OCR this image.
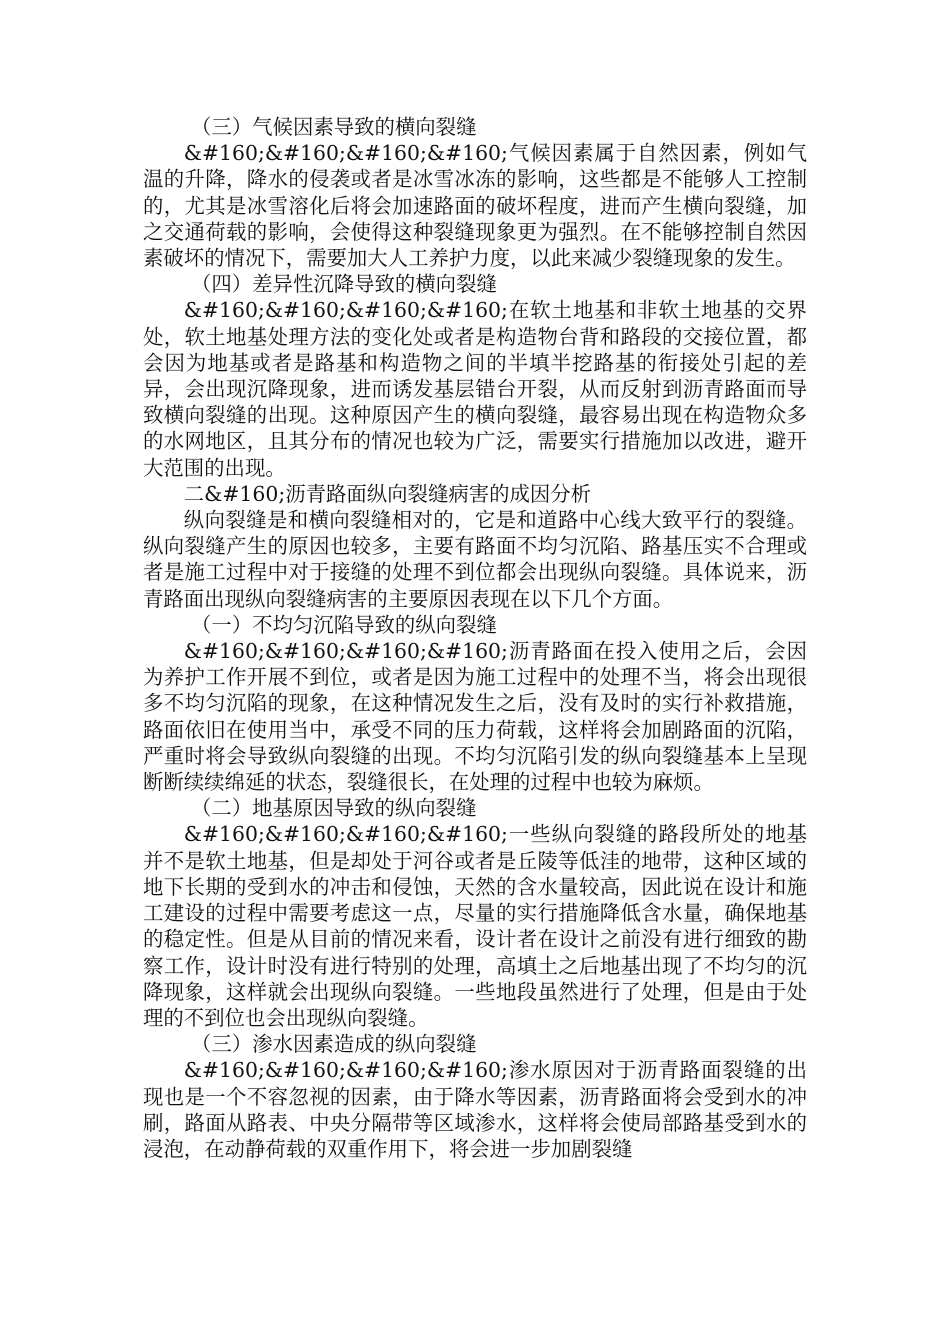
（三）气候因素导致的横向裂缝

&#160;&#160;&#160;&#160;气候因素属于自然因素，例如气温的升降，降水的侵袭或者是冰雪冰冻的影响，这些都是不能够人工控制的，尤其是冰雪溶化后将会加速路面的破坏程度，进而产生横向裂缝，加之交通荷载的影响，会使得这种裂缝现象更为强烈。在不能够控制自然因素破坏的情况下，需要加大人工养护力度，以此来减少裂缝现象的发生。

（四）差异性沉降导致的横向裂缝

&#160;&#160;&#160;&#160;在软土地基和非软土地基的交界处，软土地基处理方法的变化处或者是构造物台背和路段的交接位置，都会因为地基或者是路基和构造物之间的半填半挖路基的衔接处引起的差异，会出现沉降现象，进而诱发基层错台开裂，从而反射到沥青路面而导致横向裂缝的出现。这种原因产生的横向裂缝，最容易出现在构造物众多的水网地区，且其分布的情况也较为广泛，需要实行措施加以改进，避开大范围的出现。

二&#160;沥青路面纵向裂缝病害的成因分析

纵向裂缝是和横向裂缝相对的，它是和道路中心线大致平行的裂缝。纵向裂缝产生的原因也较多，主要有路面不均匀沉陷、路基压实不合理或者是施工过程中对于接缝的处理不到位都会出现纵向裂缝。具体说来，沥青路面出现纵向裂缝病害的主要原因表现在以下几个方面。

（一）不均匀沉陷导致的纵向裂缝

&#160;&#160;&#160;&#160;沥青路面在投入使用之后，会因为养护工作开展不到位，或者是因为施工过程中的处理不当，将会出现很多不均匀沉陷的现象，在这种情况发生之后，没有及时的实行补救措施，路面依旧在使用当中，承受不同的压力荷载，这样将会加剧路面的沉陷，严重时将会导致纵向裂缝的出现。不均匀沉陷引发的纵向裂缝基本上呈现断断续续绵延的状态，裂缝很长，在处理的过程中也较为麻烦。

（二）地基原因导致的纵向裂缝

&#160;&#160;&#160;&#160;一些纵向裂缝的路段所处的地基并不是软土地基，但是却处于河谷或者是丘陵等低洼的地带，这种区域的地下长期的受到水的冲击和侵蚀，天然的含水量较高，因此说在设计和施工建设的过程中需要考虑这一点，尽量的实行措施降低含水量，确保地基的稳定性。但是从目前的情况来看，设计者在设计之前没有进行细致的勘察工作，设计时没有进行特别的处理，高填土之后地基出现了不均匀的沉降现象，这样就会出现纵向裂缝。一些地段虽然进行了处理，但是由于处理的不到位也会出现纵向裂缝。

（三）渗水因素造成的纵向裂缝

&#160;&#160;&#160;&#160;渗水原因对于沥青路面裂缝的出现也是一个不容忽视的因素，由于降水等因素，沥青路面将会受到水的冲刷，路面从路表、中央分隔带等区域渗水，这样将会使局部路基受到水的浸泡，在动静荷载的双重作用下，将会进一步加剧裂缝
